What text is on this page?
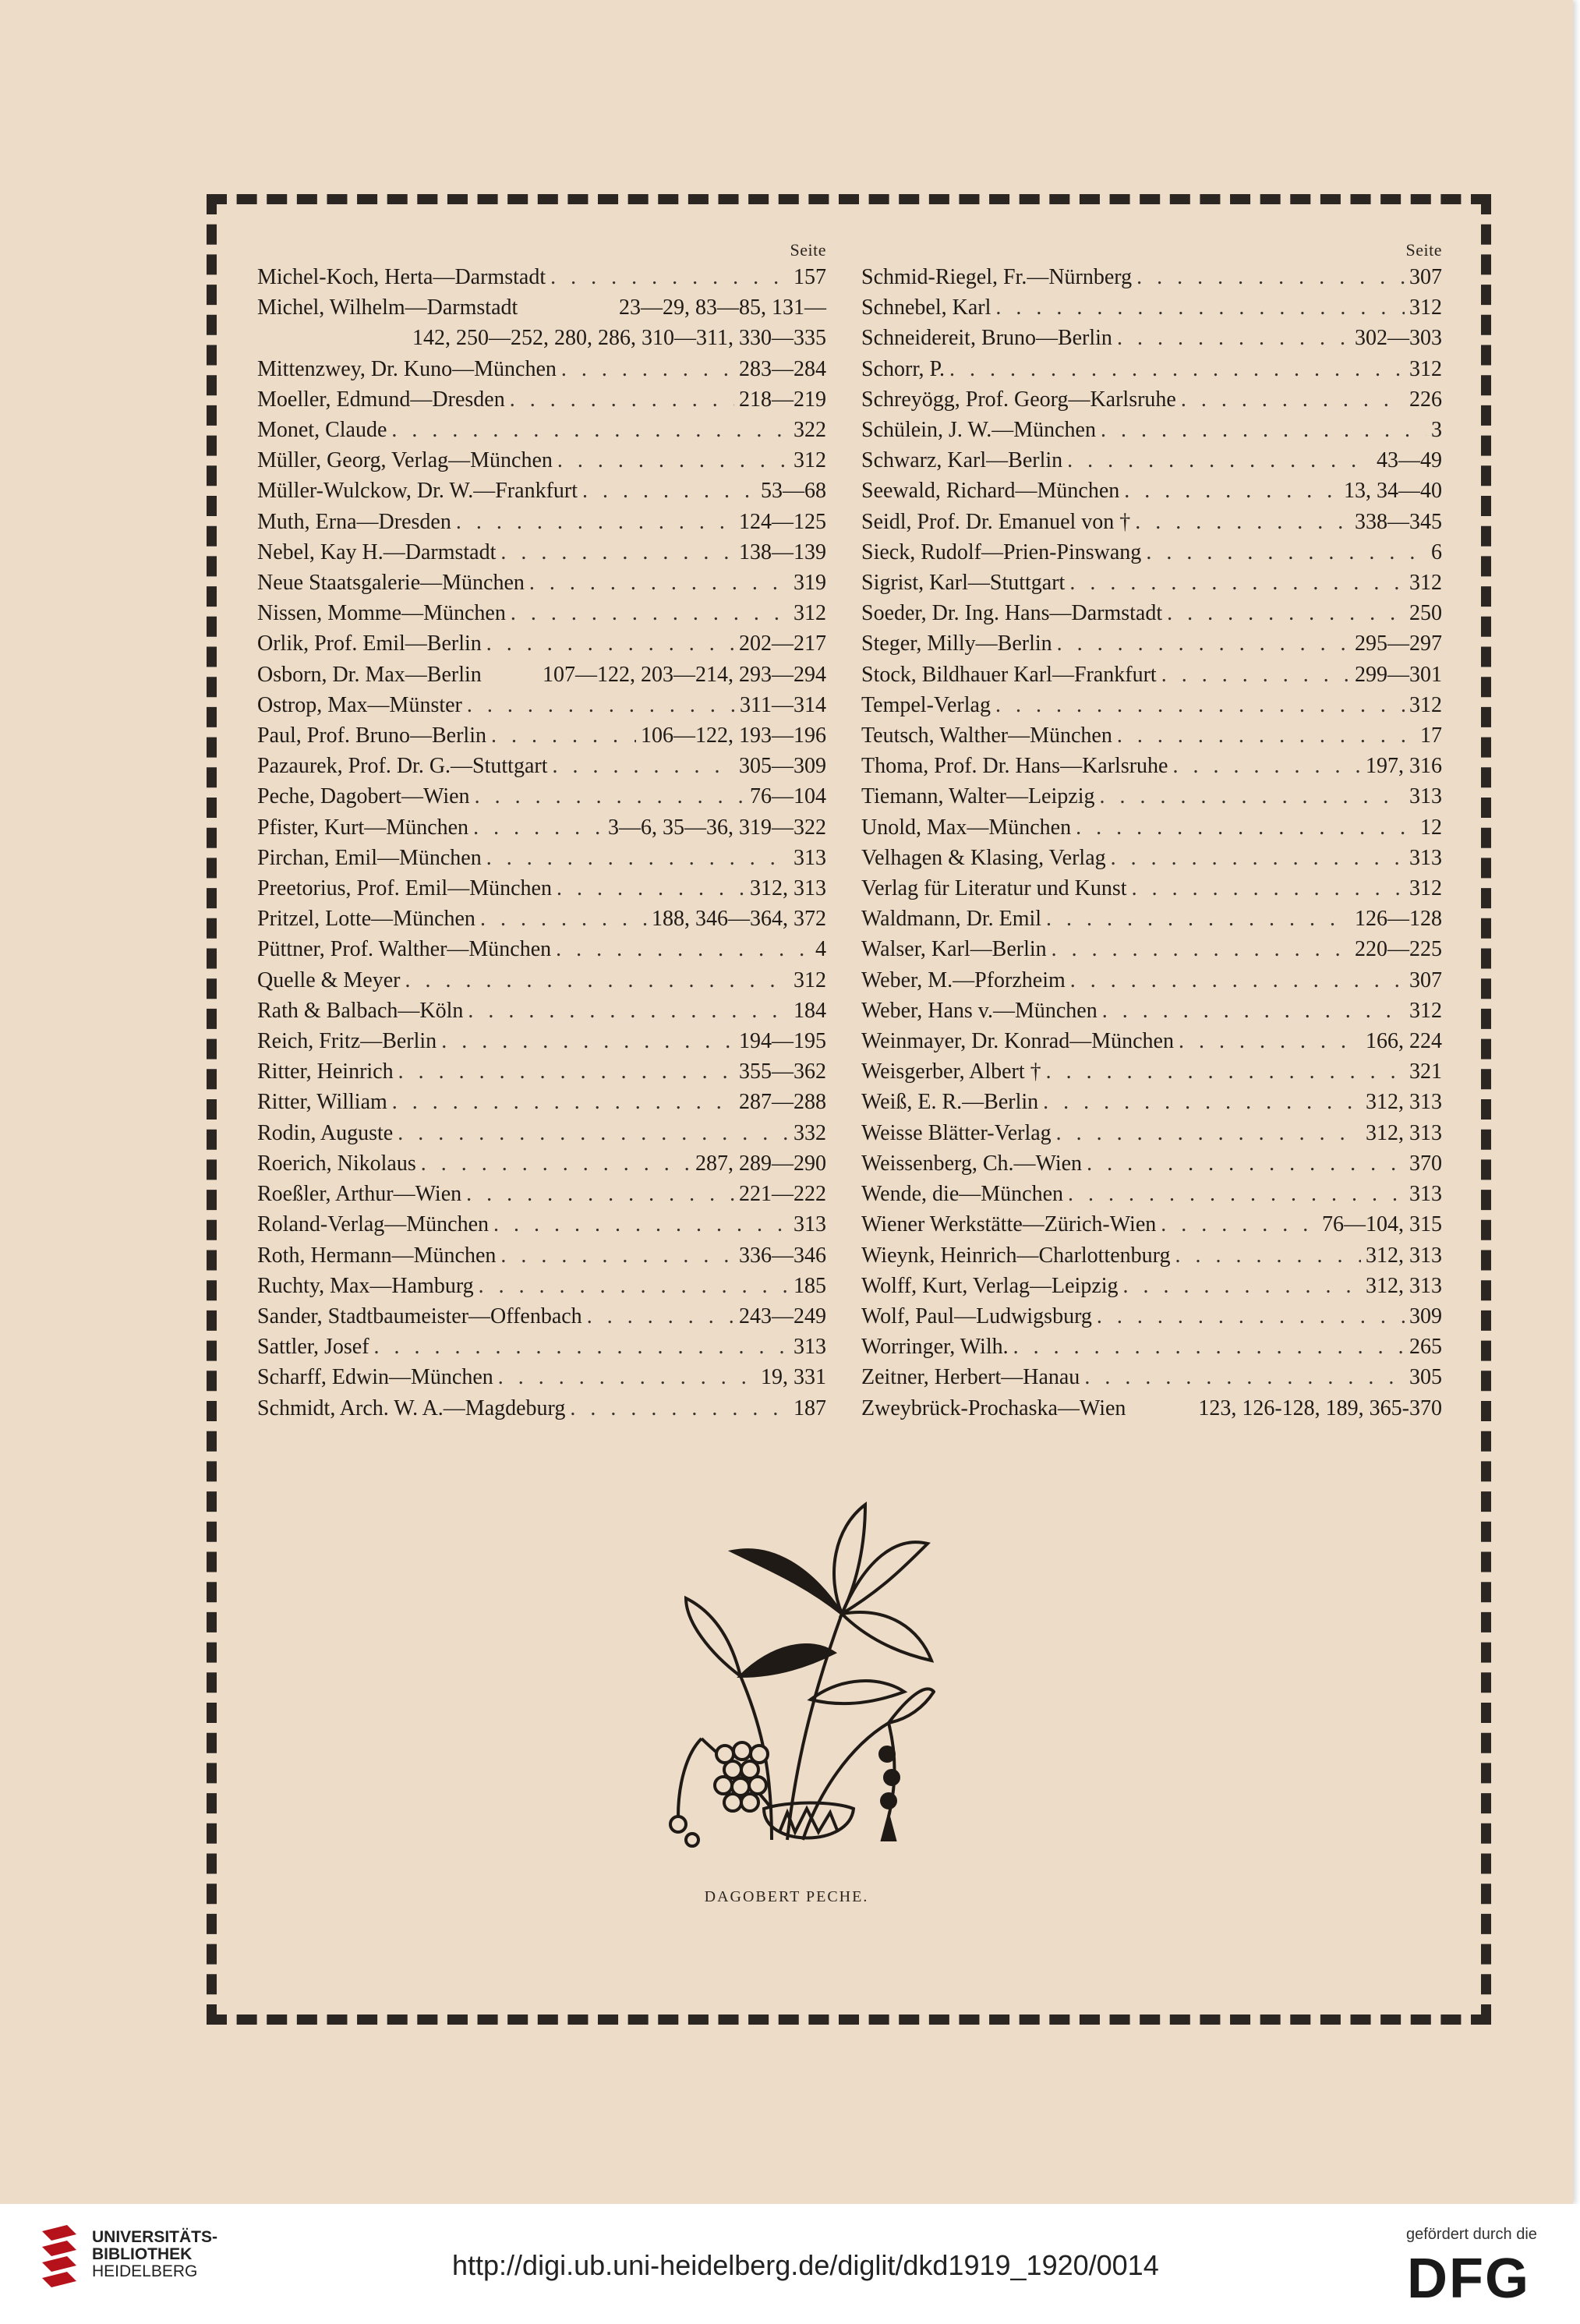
Seite
Michel-Koch, Herta—Darmstadt . . .	157
Michel, Wilhelm—Darmstadt	23—29, 83—85, 131—
142, 250—252, 280, 286, 310—311, 330—335
Mittenzwey, Dr. Kuno—München . . .	283—284
Moeller, Edmund—Dresden . . .	218—219
Monet, Claude . . .	322
Müller, Georg, Verlag—München . . .	312
Müller-Wulckow, Dr. W.—Frankfurt . . .	53—68
Muth, Erna—Dresden . . .	124—125
Nebel, Kay H.—Darmstadt . . .	138—139
Neue Staatsgalerie—München . . .	319
Nissen, Momme—München . . .	312
Orlik, Prof. Emil—Berlin . . .	202—217
Osborn, Dr. Max—Berlin	107—122, 203—214, 293—294
Ostrop, Max—Münster . . .	311—314
Paul, Prof. Bruno—Berlin . . .	106—122, 193—196
Pazaurek, Prof. Dr. G.—Stuttgart . . .	305—309
Peche, Dagobert—Wien . . .	76—104
Pfister, Kurt—München . . .	3—6, 35—36, 319—322
Pirchan, Emil—München . . .	313
Preetorius, Prof. Emil—München . . .	312, 313
Pritzel, Lotte—München . . .	188, 346—364, 372
Püttner, Prof. Walther—München . . .	4
Quelle & Meyer . . .	312
Rath & Balbach—Köln . . .	184
Reich, Fritz—Berlin . . .	194—195
Ritter, Heinrich . . .	355—362
Ritter, William . . .	287—288
Rodin, Auguste . . .	332
Roerich, Nikolaus . . .	287, 289—290
Roeßler, Arthur—Wien . . .	221—222
Roland-Verlag—München . . .	313
Roth, Hermann—München . . .	336—346
Ruchty, Max—Hamburg . . .	185
Sander, Stadtbaumeister—Offenbach . . .	243—249
Sattler, Josef . . .	313
Scharff, Edwin—München . . .	19, 331
Schmidt, Arch. W. A.—Magdeburg . . .	187
Seite
Schmid-Riegel, Fr.—Nürnberg . . .	307
Schnebel, Karl . . .	312
Schneidereit, Bruno—Berlin . . .	302—303
Schorr, P. . . .	312
Schreyögg, Prof. Georg—Karlsruhe . . .	226
Schülein, J. W.—München . . .	3
Schwarz, Karl—Berlin . . .	43—49
Seewald, Richard—München . . .	13, 34—40
Seidl, Prof. Dr. Emanuel von † . . .	338—345
Sieck, Rudolf—Prien-Pinswang . . .	6
Sigrist, Karl—Stuttgart . . .	312
Soeder, Dr. Ing. Hans—Darmstadt . . .	250
Steger, Milly—Berlin . . .	295—297
Stock, Bildhauer Karl—Frankfurt . . .	299—301
Tempel-Verlag . . .	312
Teutsch, Walther—München . . .	17
Thoma, Prof. Dr. Hans—Karlsruhe . . .	197, 316
Tiemann, Walter—Leipzig . . .	313
Unold, Max—München . . .	12
Velhagen & Klasing, Verlag . . .	313
Verlag für Literatur und Kunst . . .	312
Waldmann, Dr. Emil . . .	126—128
Walser, Karl—Berlin . . .	220—225
Weber, M.—Pforzheim . . .	307
Weber, Hans v.—München . . .	312
Weinmayer, Dr. Konrad—München . . .	166, 224
Weisgerber, Albert † . . .	321
Weiß, E. R.—Berlin . . .	312, 313
Weisse Blätter-Verlag . . .	312, 313
Weissenberg, Ch.—Wien . . .	370
Wende, die—München . . .	313
Wiener Werkstätte—Zürich-Wien . . .	76—104, 315
Wieynk, Heinrich—Charlottenburg . . .	312, 313
Wolff, Kurt, Verlag—Leipzig . . .	312, 313
Wolf, Paul—Ludwigsburg . . .	309
Worringer, Wilh. . . .	265
Zeitner, Herbert—Hanau . . .	305
Zweybrück-Prochaska—Wien	123, 126-128, 189, 365-370
DAGOBERT PECHE.
UNIVERSITÄTS-
BIBLIOTHEK
HEIDELBERG	http://digi.ub.uni-heidelberg.de/diglit/dkd1919_1920/0014
gefördert durch die
DFG
